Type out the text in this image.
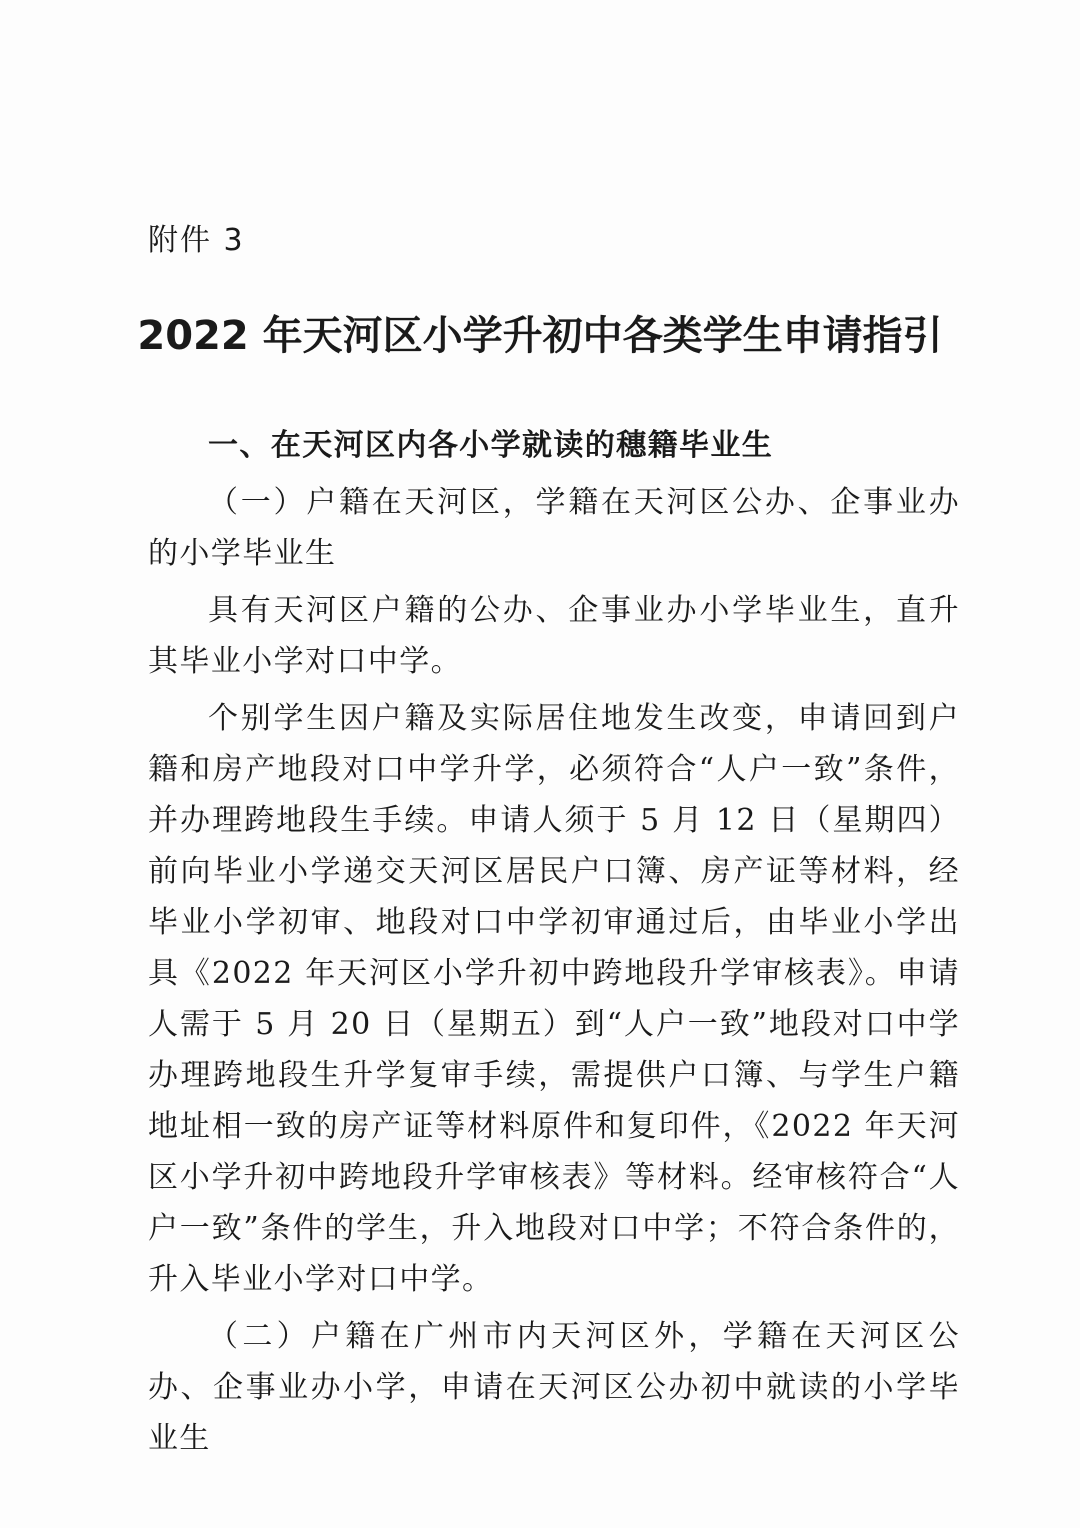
附件 3
2022 年天河区小学升初中各类学生申请指引

一、在天河区内各小学就读的穗籍毕业生

（一）户籍在天河区，学籍在天河区公办、企事业办的小学毕业生

具有天河区户籍的公办、企事业办小学毕业生，直升其毕业小学对口中学。

个别学生因户籍及实际居住地发生改变，申请回到户籍和房产地段对口中学升学，必须符合“人户一致”条件，并办理跨地段生手续。申请人须于 5 月 12 日（星期四）前向毕业小学递交天河区居民户口簿、房产证等材料，经毕业小学初审、地段对口中学初审通过后，由毕业小学出具《2022 年天河区小学升初中跨地段升学审核表》。申请人需于 5 月 20 日（星期五）到“人户一致”地段对口中学办理跨地段生升学复审手续，需提供户口簿、与学生户籍地址相一致的房产证等材料原件和复印件，《2022 年天河区小学升初中跨地段升学审核表》等材料。经审核符合“人户一致”条件的学生，升入地段对口中学；不符合条件的，升入毕业小学对口中学。

（二）户籍在广州市内天河区外，学籍在天河区公办、企事业办小学，申请在天河区公办初中就读的小学毕业生
